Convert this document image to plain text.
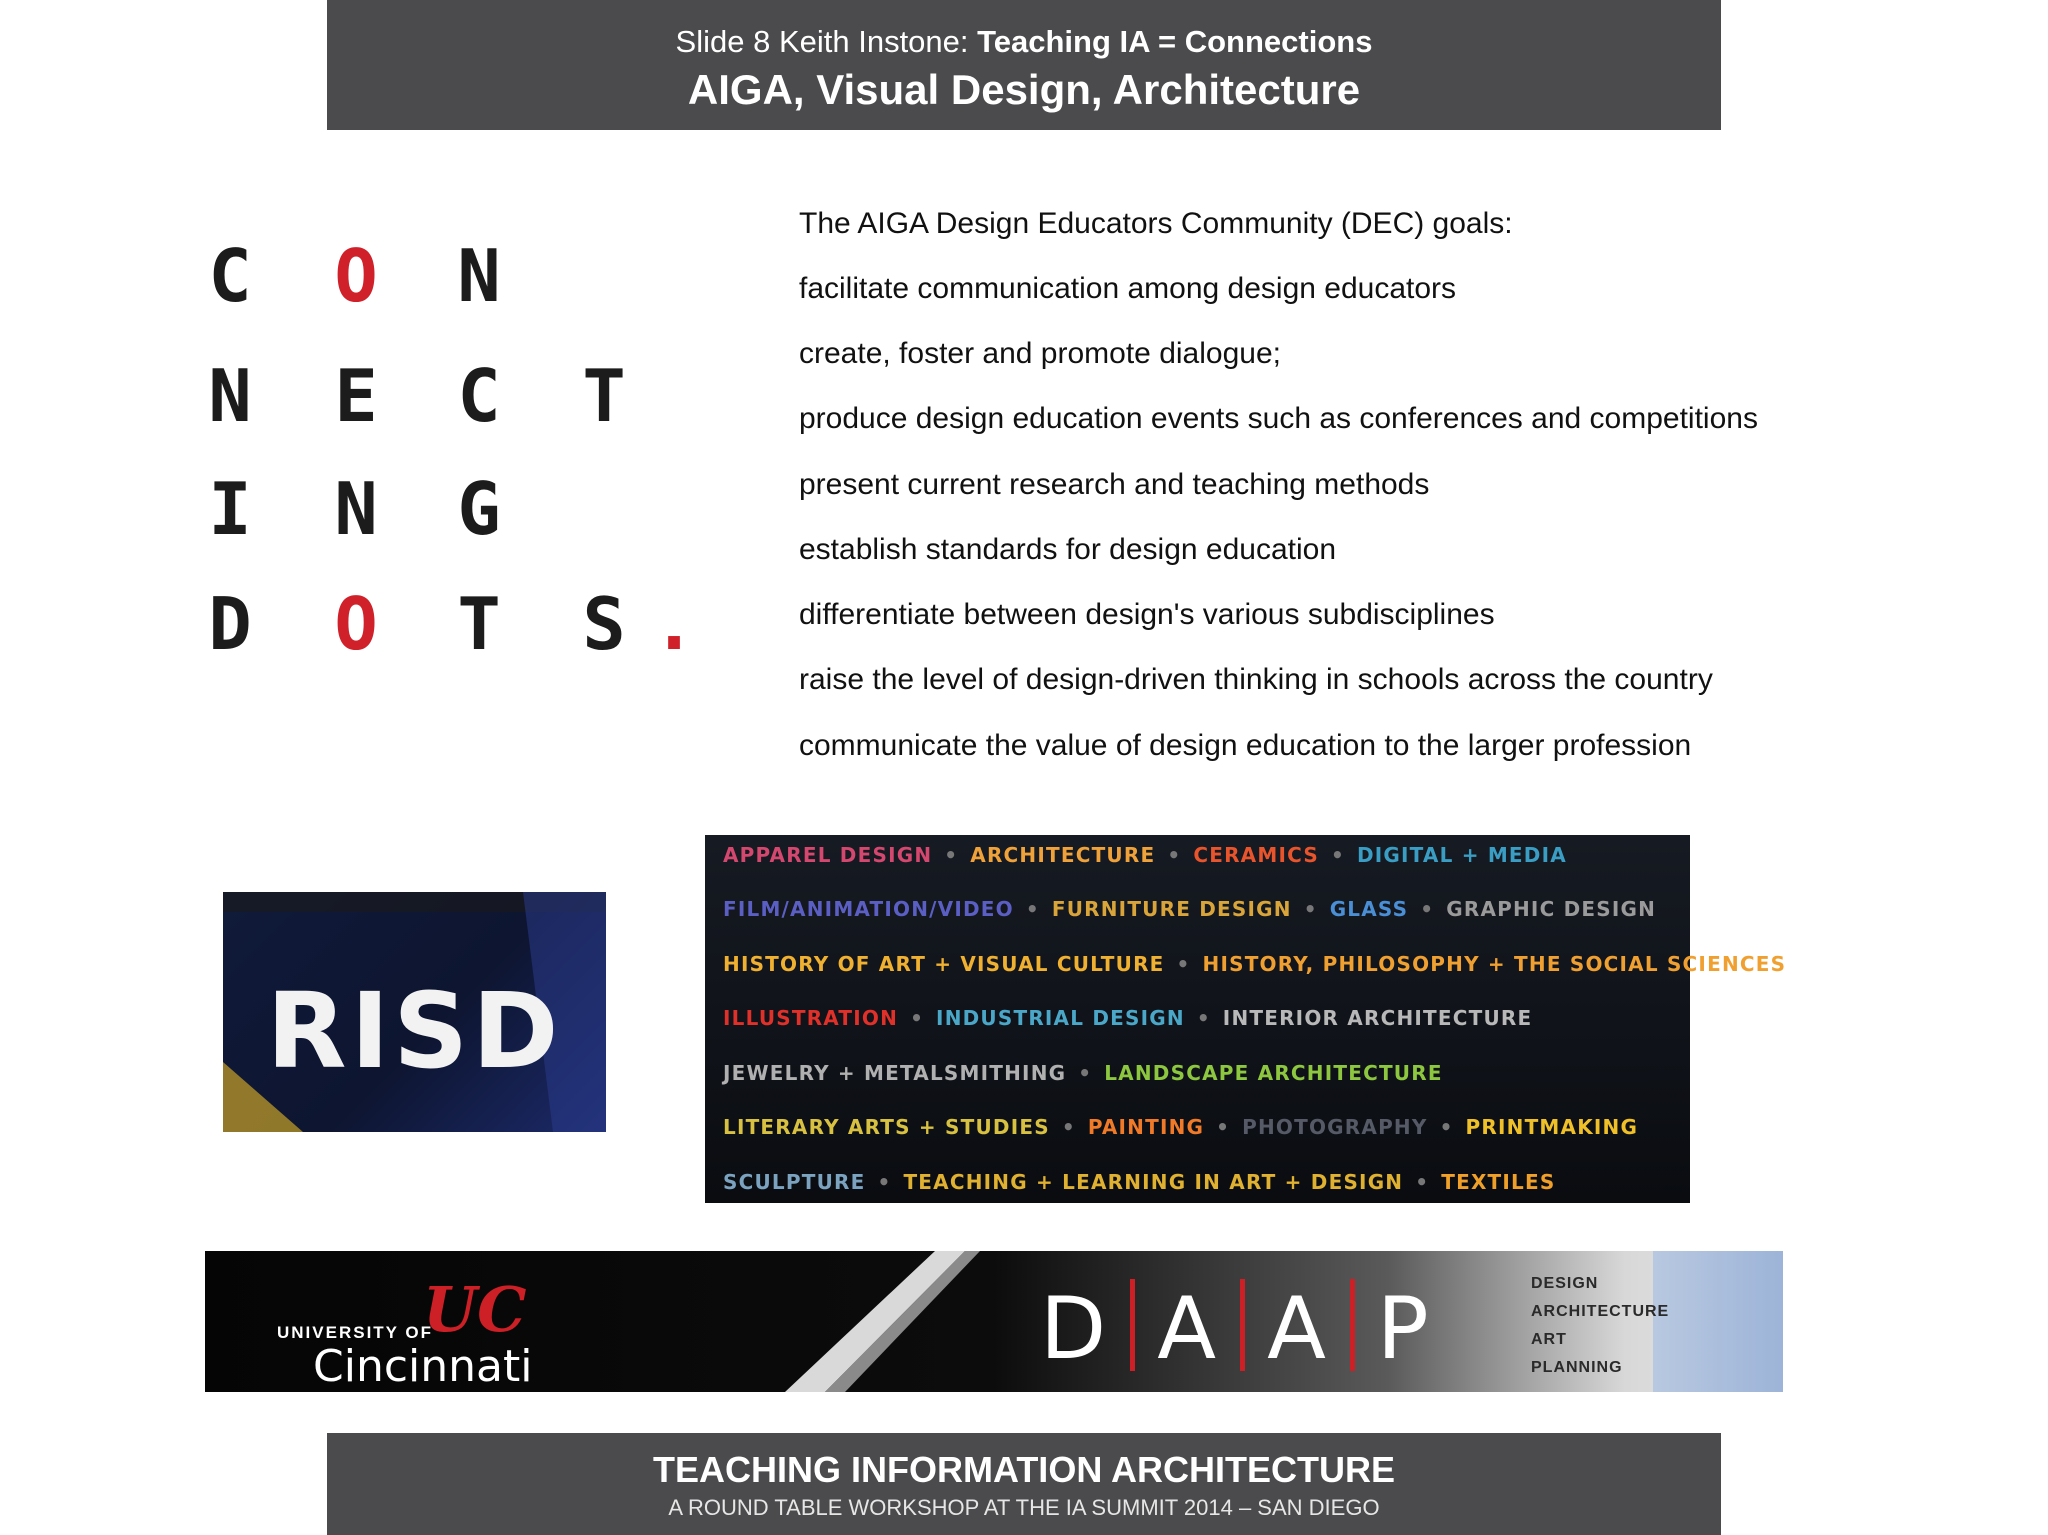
Slide 8 Keith Instone: Teaching IA = Connections
AIGA, Visual Design, Architecture
C O N
N E C T
I N G
D O T S .
The AIGA Design Educators Community (DEC) goals:
facilitate communication among design educators
create, foster and promote dialogue;
produce design education events such as conferences and competitions
present current research and teaching methods
establish standards for design education
differentiate between design's various subdisciplines
raise the level of design-driven thinking in schools across the country
communicate the value of design education to the larger profession
RISD
APPAREL DESIGN • ARCHITECTURE • CERAMICS • DIGITAL + MEDIA
FILM/ANIMATION/VIDEO • FURNITURE DESIGN • GLASS • GRAPHIC DESIGN
HISTORY OF ART + VISUAL CULTURE • HISTORY, PHILOSOPHY + THE SOCIAL SCIENCES
ILLUSTRATION • INDUSTRIAL DESIGN • INTERIOR ARCHITECTURE
JEWELRY + METALSMITHING • LANDSCAPE ARCHITECTURE
LITERARY ARTS + STUDIES • PAINTING • PHOTOGRAPHY • PRINTMAKING
SCULPTURE • TEACHING + LEARNING IN ART + DESIGN • TEXTILES
UC
UNIVERSITY OF
Cincinnati	D A A P	DESIGN
ARCHITECTURE
ART
PLANNING
TEACHING INFORMATION ARCHITECTURE
A ROUND TABLE WORKSHOP AT THE IA SUMMIT 2014 – SAN DIEGO
